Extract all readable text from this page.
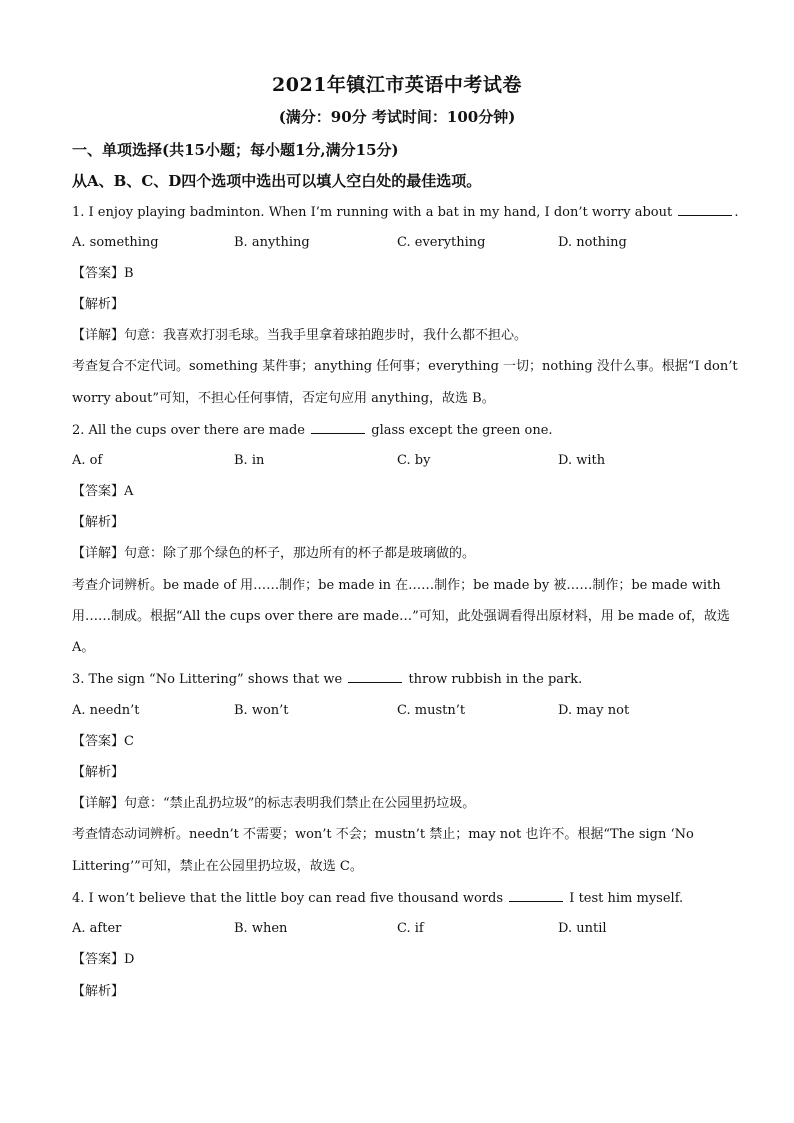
2021年镇江市英语中考试卷
(满分：90分 考试时间：100分钟)
一、单项选择(共15小题；每小题1分,满分15分)
从A、B、C、D四个选项中选出可以填人空白处的最佳选项。
1. I enjoy playing badminton. When I’m running with a bat in my hand, I don’t worry about	.
A. something	B. anything	C. everything	D. nothing
【答案】B
【解析】
【详解】句意：我喜欢打羽毛球。当我手里拿着球拍跑步时，我什么都不担心。
考查复合不定代词。something 某件事；anything 任何事；everything 一切；nothing 没什么事。根据“I don’t
worry about”可知，不担心任何事情，否定句应用 anything，故选 B。
2. All the cups over there are made	glass except the green one.
A. of	B. in	C. by	D. with
【答案】A
【解析】
【详解】句意：除了那个绿色的杯子，那边所有的杯子都是玻璃做的。
考查介词辨析。be made of 用……制作；be made in 在……制作；be made by 被……制作；be made with
用……制成。根据“All the cups over there are made…”可知，此处强调看得出原材料，用 be made of，故选
A。
3. The sign “No Littering” shows that we	throw rubbish in the park.
A. needn’t	B. won’t	C. mustn’t	D. may not
【答案】C
【解析】
【详解】句意：“禁止乱扔垃圾”的标志表明我们禁止在公园里扔垃圾。
考查情态动词辨析。needn’t 不需要；won’t 不会；mustn’t 禁止；may not 也许不。根据“The sign ‘No
Littering’”可知，禁止在公园里扔垃圾，故选 C。
4. I won’t believe that the little boy can read five thousand words	I test him myself.
A. after	B. when	C. if	D. until
【答案】D
【解析】
